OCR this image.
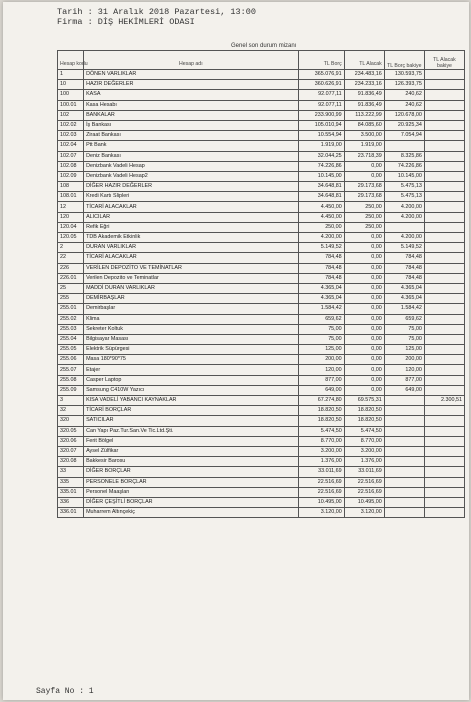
Tarih : 31 Aralık 2018 Pazartesi, 13:00
Firma : DİŞ HEKİMLERİ ODASI
Genel son durum mizanı
Hesap kodu	Hesap adı	TL Borç	TL Alacak	TL Borç bakiye	TL Alacak bakiye
1	DÖNEN VARLIKLAR	365.076,91	234.483,16	130.593,75	
10	HAZIR DEĞERLER	360.626,91	234.233,16	126.393,75	
100	KASA	92.077,11	91.836,49	240,62	
100.01	Kasa Hesabı	92.077,11	91.836,49	240,62	
102	BANKALAR	233.900,99	113.222,99	120.678,00	
102.02	İş Bankası	105.010,94	84.085,60	20.925,34	
102.03	Ziraat Bankası	10.554,94	3.500,00	7.054,94	
102.04	Ptt Bank	1.919,00	1.919,00		
102.07	Deniz Bankası	32.044,25	23.718,39	8.325,86	
102.08	Denizbank Vadeli Hesap	74.226,86	0,00	74.226,86	
102.09	Denizbank Vadeli Hesap2	10.145,00	0,00	10.145,00	
108	DİĞER HAZIR DEĞERLER	34.648,81	29.173,68	5.475,13	
108.01	Kredi Kartı Slipleri	34.648,81	29.173,68	5.475,13	
12	TİCARİ ALACAKLAR	4.450,00	250,00	4.200,00	
120	ALICILAR	4.450,00	250,00	4.200,00	
120.04	Refik Eğri	250,00	250,00		
120.05	TDB Akademik Etkinlik	4.200,00	0,00	4.200,00	
2	DURAN VARLIKLAR	5.149,52	0,00	5.149,52	
22	TİCARİ ALACAKLAR	784,48	0,00	784,48	
226	VERİLEN DEPOZİTO VE TEMİNATLAR	784,48	0,00	784,48	
226.01	Verilen Depozito ve Teminatlar	784,48	0,00	784,48	
25	MADDİ DURAN VARLIKLAR	4.365,04	0,00	4.365,04	
255	DEMİRBAŞLAR	4.365,04	0,00	4.365,04	
255.01	Demirbaşlar	1.584,42	0,00	1.584,42	
255.02	Klima	659,62	0,00	659,62	
255.03	Sekreter Koltuk	75,00	0,00	75,00	
255.04	Bilgisayar Masası	75,00	0,00	75,00	
255.05	Elektrik Süpürgesi	125,00	0,00	125,00	
255.06	Masa 180*90*75	200,00	0,00	200,00	
255.07	Etajer	120,00	0,00	120,00	
255.08	Casper Laptop	877,00	0,00	877,00	
255.09	Samsung C410W Yazıcı	649,00	0,00	649,00	
3	KISA VADELİ YABANCI KAYNAKLAR	67.274,80	69.575,31		2.300,51
32	TİCARİ BORÇLAR	18.820,50	18.820,50		
320	SATICILAR	18.820,50	18.820,50		
320.05	Can Yapı Paz.Tur.San.Ve Tic.Ltd.Şti.	5.474,50	5.474,50		
320.06	Ferit Bölgel	8.770,00	8.770,00		
320.07	Aysel Zülfikar	3.200,00	3.200,00		
320.08	Bakkesir Barosu	1.376,00	1.376,00		
33	DİĞER BORÇLAR	33.011,69	33.011,69		
335	PERSONELE BORÇLAR	22.516,69	22.516,69		
335.01	Personel Maaşları	22.516,69	22.516,69		
336	DİĞER ÇEŞİTLİ BORÇLAR	10.495,00	10.495,00		
336.01	Muharrem Altınçekiç	3.120,00	3.120,00		
Sayfa No : 1
